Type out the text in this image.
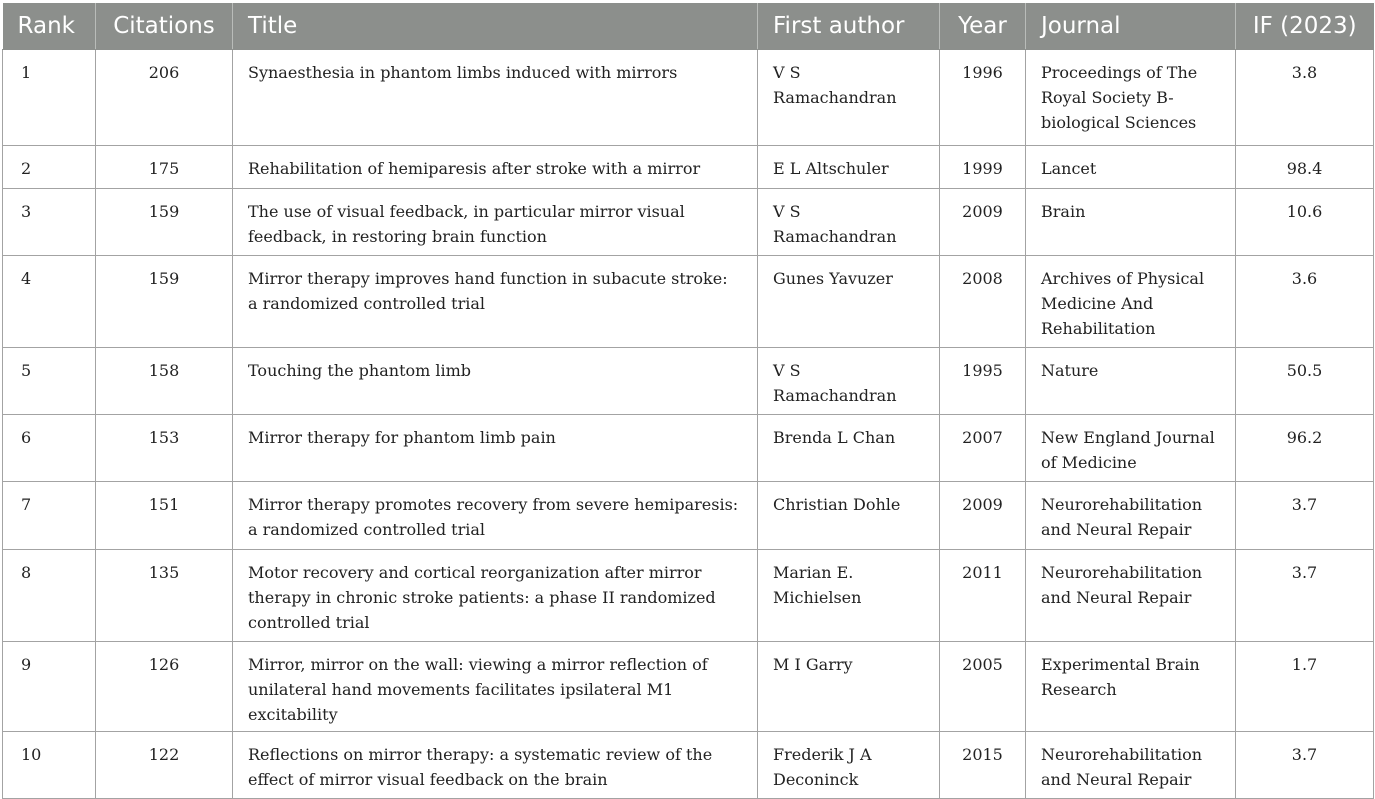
Rank	Citations	Title	First author	Year	Journal	IF (2023)
1	206	Synaesthesia in phantom limbs induced with mirrors	V S Ramachandran	1996	Proceedings of The Royal Society B-biological Sciences	3.8
2	175	Rehabilitation of hemiparesis after stroke with a mirror	E L Altschuler	1999	Lancet	98.4
3	159	The use of visual feedback, in particular mirror visual feedback, in restoring brain function	V S Ramachandran	2009	Brain	10.6
4	159	Mirror therapy improves hand function in subacute stroke: a randomized controlled trial	Gunes Yavuzer	2008	Archives of Physical Medicine And Rehabilitation	3.6
5	158	Touching the phantom limb	V S Ramachandran	1995	Nature	50.5
6	153	Mirror therapy for phantom limb pain	Brenda L Chan	2007	New England Journal of Medicine	96.2
7	151	Mirror therapy promotes recovery from severe hemiparesis: a randomized controlled trial	Christian Dohle	2009	Neurorehabilitation and Neural Repair	3.7
8	135	Motor recovery and cortical reorganization after mirror therapy in chronic stroke patients: a phase II randomized controlled trial	Marian E. Michielsen	2011	Neurorehabilitation and Neural Repair	3.7
9	126	Mirror, mirror on the wall: viewing a mirror reflection of unilateral hand movements facilitates ipsilateral M1 excitability	M I Garry	2005	Experimental Brain Research	1.7
10	122	Reflections on mirror therapy: a systematic review of the effect of mirror visual feedback on the brain	Frederik J A Deconinck	2015	Neurorehabilitation and Neural Repair	3.7
